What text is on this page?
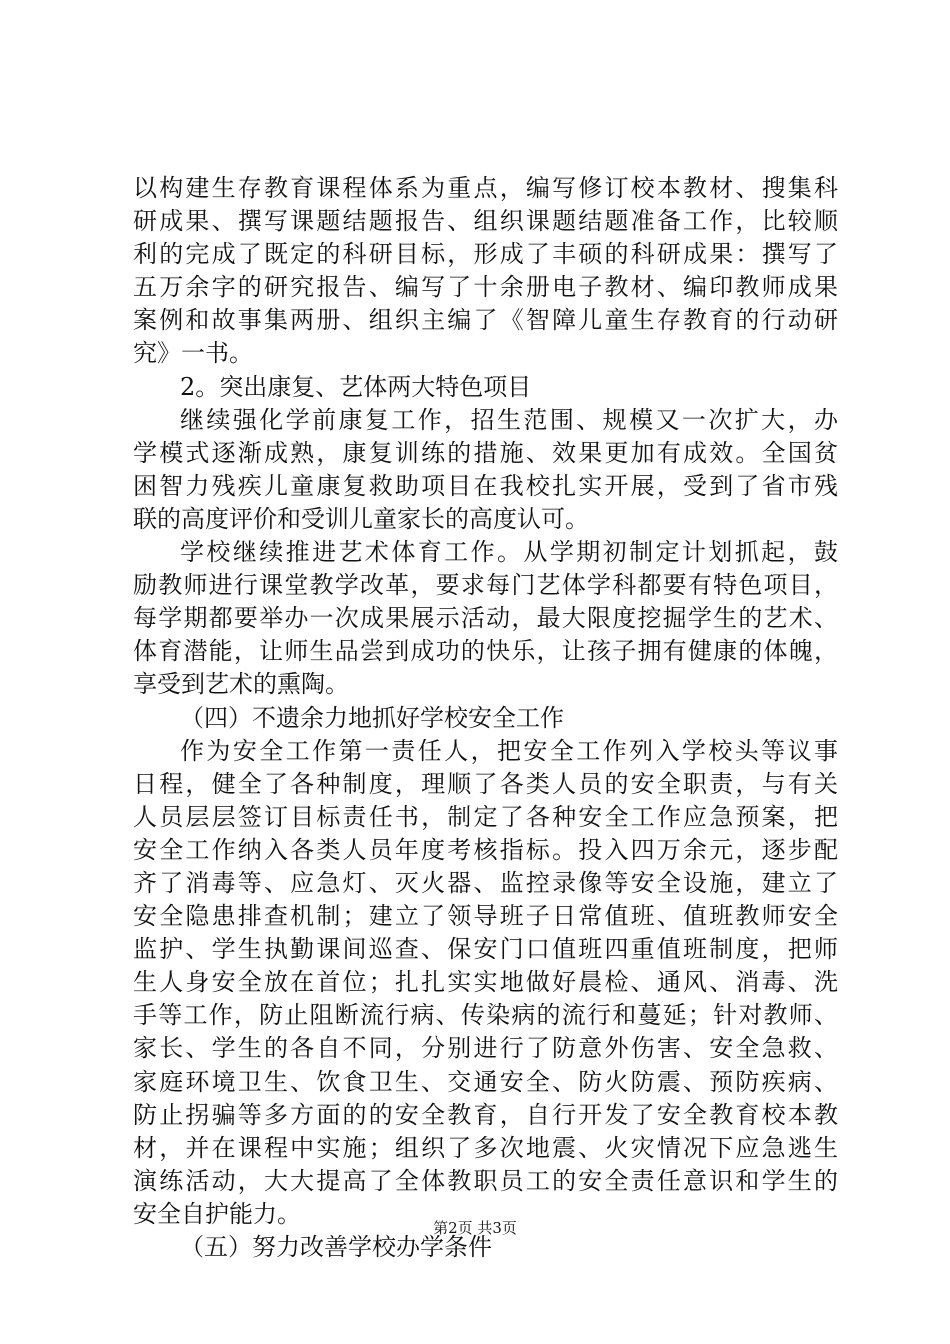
以构建生存教育课程体系为重点，编写修订校本教材、搜集科
研成果、撰写课题结题报告、组织课题结题准备工作，比较顺
利的完成了既定的科研目标，形成了丰硕的科研成果：撰写了
五万余字的研究报告、编写了十余册电子教材、编印教师成果
案例和故事集两册、组织主编了《智障儿童生存教育的行动研
究》一书。
2。突出康复、艺体两大特色项目
继续强化学前康复工作，招生范围、规模又一次扩大，办
学模式逐渐成熟，康复训练的措施、效果更加有成效。全国贫
困智力残疾儿童康复救助项目在我校扎实开展，受到了省市残
联的高度评价和受训儿童家长的高度认可。
学校继续推进艺术体育工作。从学期初制定计划抓起，鼓
励教师进行课堂教学改革，要求每门艺体学科都要有特色项目，
每学期都要举办一次成果展示活动，最大限度挖掘学生的艺术、
体育潜能，让师生品尝到成功的快乐，让孩子拥有健康的体魄，
享受到艺术的熏陶。
（四）不遗余力地抓好学校安全工作
作为安全工作第一责任人，把安全工作列入学校头等议事
日程，健全了各种制度，理顺了各类人员的安全职责，与有关
人员层层签订目标责任书，制定了各种安全工作应急预案，把
安全工作纳入各类人员年度考核指标。投入四万余元，逐步配
齐了消毒等、应急灯、灭火器、监控录像等安全设施，建立了
安全隐患排查机制；建立了领导班子日常值班、值班教师安全
监护、学生执勤课间巡查、保安门口值班四重值班制度，把师
生人身安全放在首位；扎扎实实地做好晨检、通风、消毒、洗
手等工作，防止阻断流行病、传染病的流行和蔓延；针对教师、
家长、学生的各自不同，分别进行了防意外伤害、安全急救、
家庭环境卫生、饮食卫生、交通安全、防火防震、预防疾病、
防止拐骗等多方面的的安全教育，自行开发了安全教育校本教
材，并在课程中实施；组织了多次地震、火灾情况下应急逃生
演练活动，大大提高了全体教职员工的安全责任意识和学生的
安全自护能力。
（五）努力改善学校办学条件
第2页 共3页
